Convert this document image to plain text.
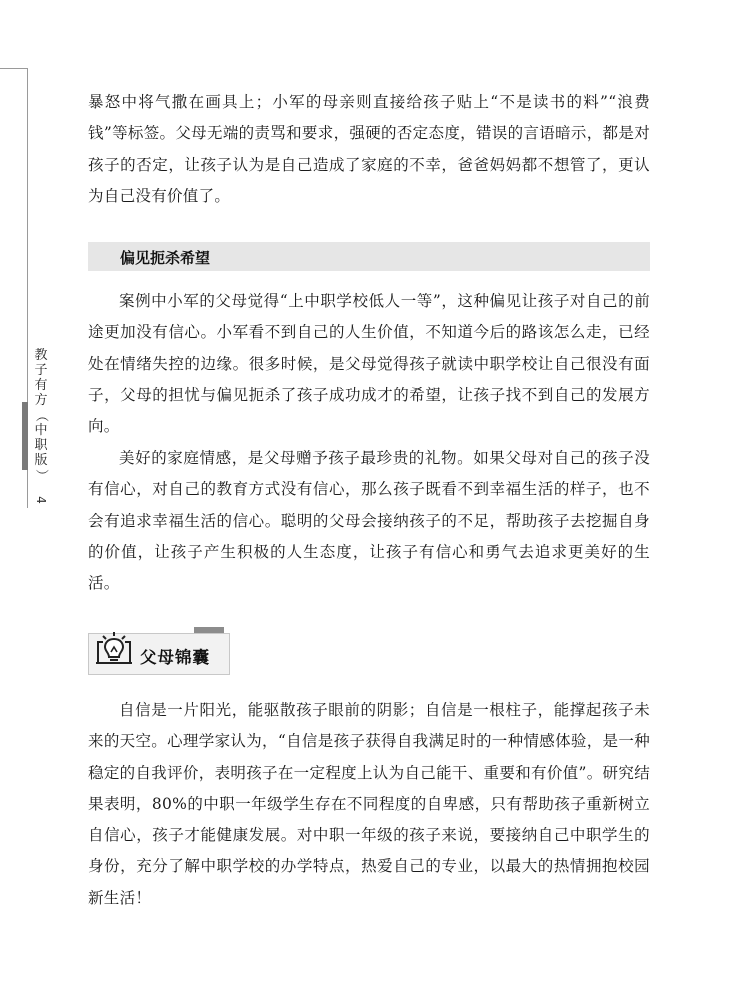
教
子
有
方
（
中
职
版
）
4

暴怒中将气撒在画具上；小军的母亲则直接给孩子贴上“不是读书的料”“浪费钱”等标签。父母无端的责骂和要求，强硬的否定态度，错误的言语暗示，都是对孩子的否定，让孩子认为是自己造成了家庭的不幸，爸爸妈妈都不想管了，更认为自己没有价值了。

偏见扼杀希望

案例中小军的父母觉得“上中职学校低人一等”，这种偏见让孩子对自己的前途更加没有信心。小军看不到自己的人生价值，不知道今后的路该怎么走，已经处在情绪失控的边缘。很多时候，是父母觉得孩子就读中职学校让自己很没有面子，父母的担忧与偏见扼杀了孩子成功成才的希望，让孩子找不到自己的发展方向。

美好的家庭情感，是父母赠予孩子最珍贵的礼物。如果父母对自己的孩子没有信心，对自己的教育方式没有信心，那么孩子既看不到幸福生活的样子，也不会有追求幸福生活的信心。聪明的父母会接纳孩子的不足，帮助孩子去挖掘自身的价值，让孩子产生积极的人生态度，让孩子有信心和勇气去追求更美好的生活。

父母锦囊

自信是一片阳光，能驱散孩子眼前的阴影；自信是一根柱子，能撑起孩子未来的天空。心理学家认为，“自信是孩子获得自我满足时的一种情感体验，是一种稳定的自我评价，表明孩子在一定程度上认为自己能干、重要和有价值”。研究结果表明，80%的中职一年级学生存在不同程度的自卑感，只有帮助孩子重新树立自信心，孩子才能健康发展。对中职一年级的孩子来说，要接纳自己中职学生的身份，充分了解中职学校的办学特点，热爱自己的专业，以最大的热情拥抱校园新生活！
